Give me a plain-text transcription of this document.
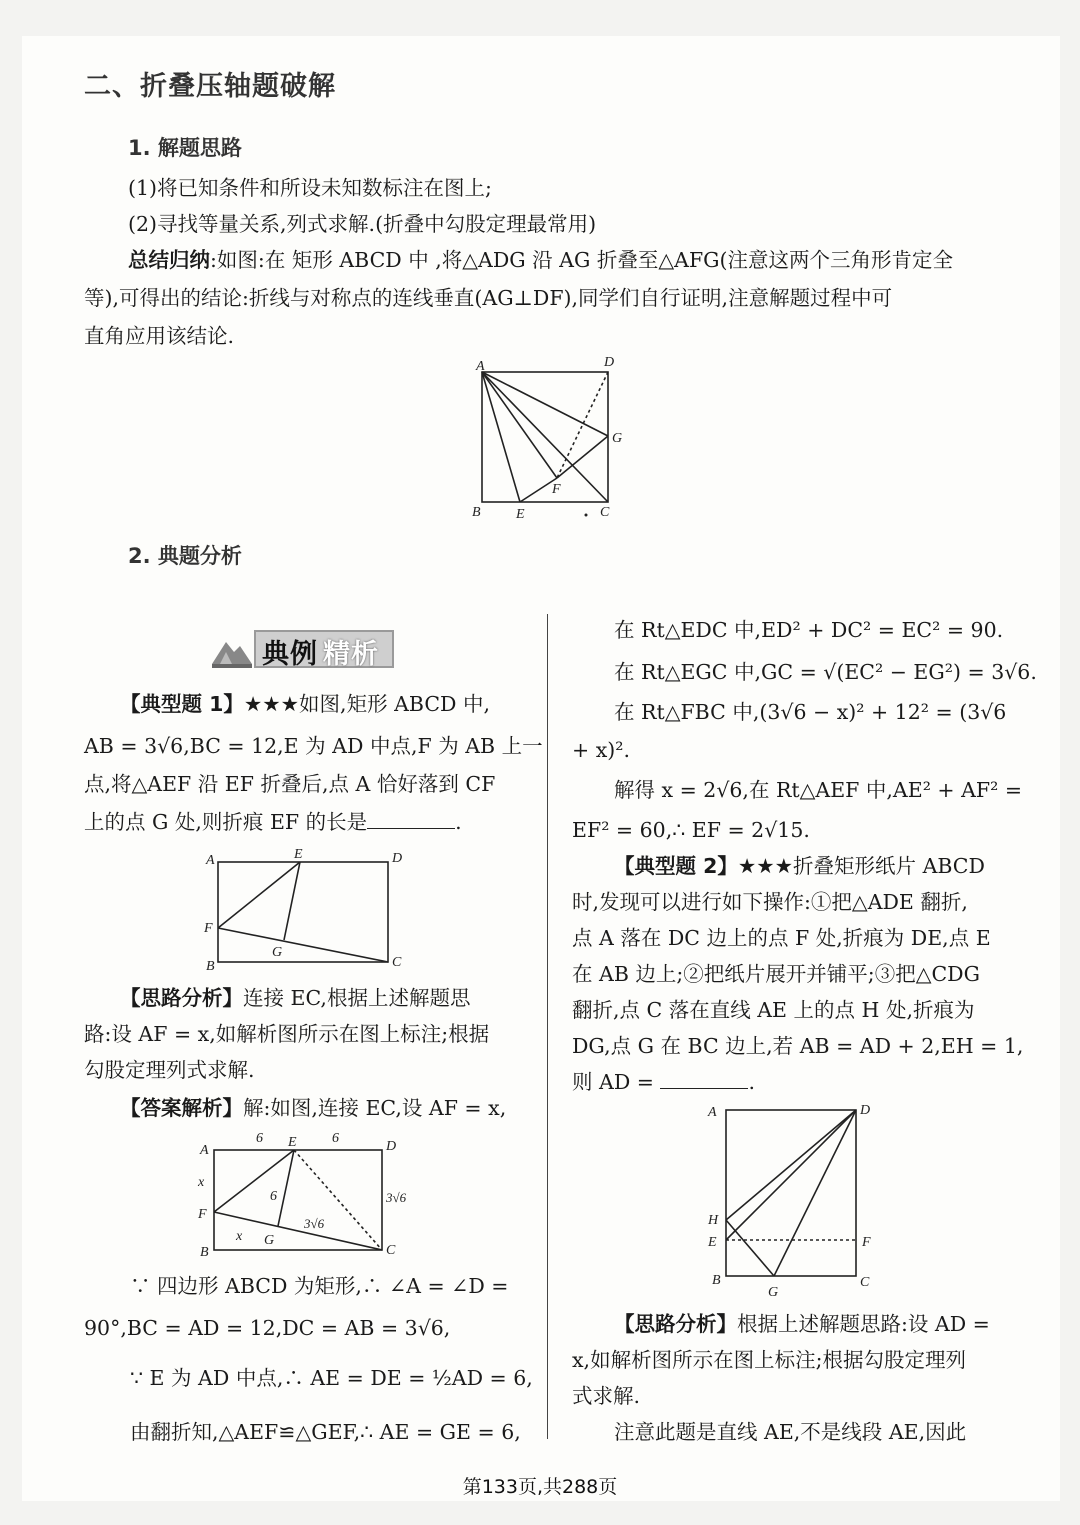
二、折叠压轴题破解
1. 解题思路
(1)将已知条件和所设未知数标注在图上;
(2)寻找等量关系,列式求解.(折叠中勾股定理最常用)
总结归纳:如图:在 矩形 ABCD 中 ,将△ADG 沿 AG 折叠至△AFG(注意这两个三角形肯定全
等),可得出的结论:折线与对称点的连线垂直(AG⊥DF),同学们自行证明,注意解题过程中可
直角应用该结论.
A	D
G
F
B	E	C
2. 典题分析
典例 精析
【典型题 1】★★★如图,矩形 ABCD 中,
AB = 3√6,BC = 12,E 为 AD 中点,F 为 AB 上一
点,将△AEF 沿 EF 折叠后,点 A 恰好落到 CF
上的点 G 处,则折痕 EF 的长是	.
A	E	D
F
G
B	C
【思路分析】连接 EC,根据上述解题思
路:设 AF = x,如解析图所示在图上标注;根据
勾股定理列式求解.
【答案解析】解:如图,连接 EC,设 AF = x,
A
6 E	6
D
x
6	3√6
F
3√6
B
x G
C
∵ 四边形 ABCD 为矩形,∴ ∠A = ∠D =
90°,BC = AD = 12,DC = AB = 3√6,
∵ E 为 AD 中点,∴ AE = DE = ½AD = 6,
由翻折知,△AEF≌△GEF,∴ AE = GE = 6,
在 Rt△EDC 中,ED² + DC² = EC² = 90.
在 Rt△EGC 中,GC = √(EC² − EG²) = 3√6.
在 Rt△FBC 中,(3√6 − x)² + 12² = (3√6
+ x)².
解得 x = 2√6,在 Rt△AEF 中,AE² + AF² =
EF² = 60,∴ EF = 2√15.
【典型题 2】★★★折叠矩形纸片 ABCD
时,发现可以进行如下操作:①把△ADE 翻折,
点 A 落在 DC 边上的点 F 处,折痕为 DE,点 E
在 AB 边上;②把纸片展开并铺平;③把△CDG
翻折,点 C 落在直线 AE 上的点 H 处,折痕为
DG,点 G 在 BC 边上,若 AB = AD + 2,EH = 1,
则 AD =	.
A	D
H
E	F
B
G
C
【思路分析】根据上述解题思路:设 AD =
x,如解析图所示在图上标注;根据勾股定理列
式求解.
注意此题是直线 AE,不是线段 AE,因此
第133页,共288页
